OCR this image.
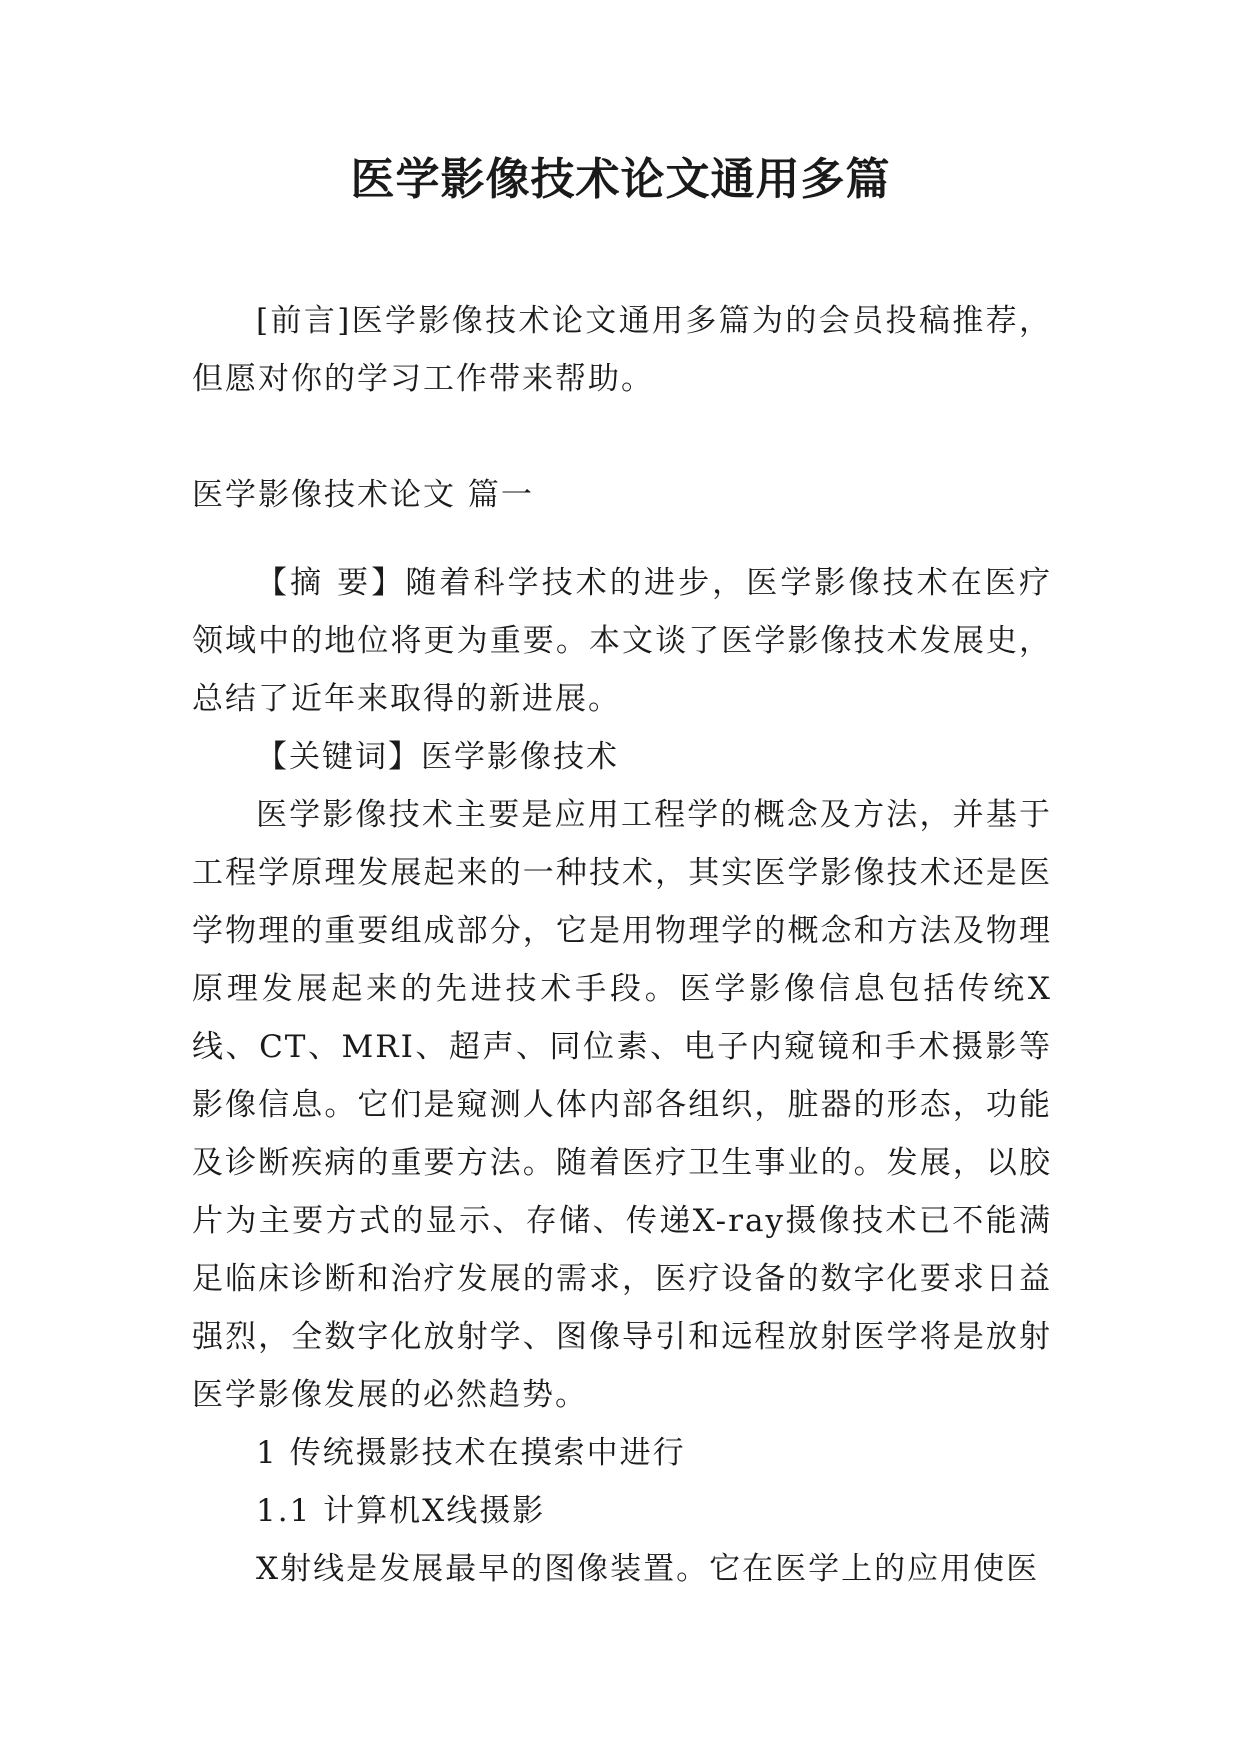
医学影像技术论文通用多篇

[前言]医学影像技术论文通用多篇为的会员投稿推荐，但愿对你的学习工作带来帮助。

医学影像技术论文 篇一

【摘 要】随着科学技术的进步，医学影像技术在医疗领域中的地位将更为重要。本文谈了医学影像技术发展史，总结了近年来取得的新进展。

【关键词】医学影像技术

医学影像技术主要是应用工程学的概念及方法，并基于工程学原理发展起来的一种技术，其实医学影像技术还是医学物理的重要组成部分，它是用物理学的概念和方法及物理原理发展起来的先进技术手段。医学影像信息包括传统X线、CT、MRI、超声、同位素、电子内窥镜和手术摄影等影像信息。它们是窥测人体内部各组织，脏器的形态，功能及诊断疾病的重要方法。随着医疗卫生事业的。发展，以胶片为主要方式的显示、存储、传递X-ray摄像技术已不能满足临床诊断和治疗发展的需求，医疗设备的数字化要求日益强烈，全数字化放射学、图像导引和远程放射医学将是放射医学影像发展的必然趋势。

1 传统摄影技术在摸索中进行

1.1 计算机X线摄影

X射线是发展最早的图像装置。它在医学上的应用使医
